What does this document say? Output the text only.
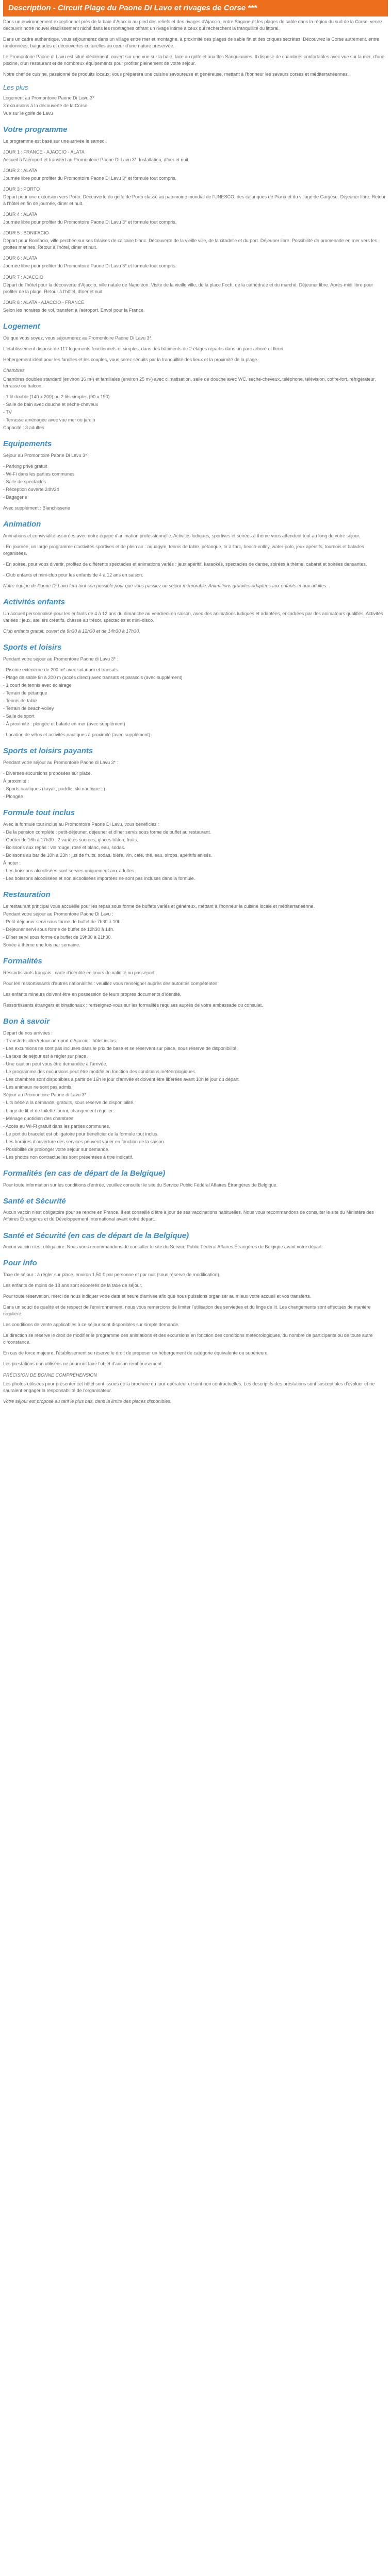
Description - Circuit Plage du Paone DI Lavo et rivages de Corse ***

Dans un environnement exceptionnel près de la baie d'Ajaccio au pied des reliefs et des rivages d'Ajaccio, entre Sagone et les plages de sable dans la région du sud de la Corse, venez découvrir notre nouvel établissement niché dans les montagnes offrant un rivage intime à ceux qui recherchent la tranquillité du littoral.

Dans un cadre authentique, vous séjournerez dans un village entre mer et montagne, à proximité des plages de sable fin et des criques secrètes. Découvrez la Corse autrement, entre randonnées, baignades et découvertes culturelles au cœur d'une nature préservée.

Le Promontoire Paone di Lavu est situé idéalement, ouvert sur une vue sur la baie, face au golfe et aux îles Sanguinaires. Il dispose de chambres confortables avec vue sur la mer, d'une piscine, d'un restaurant et de nombreux équipements pour profiter pleinement de votre séjour.

Notre chef de cuisine, passionné de produits locaux, vous préparera une cuisine savoureuse et généreuse, mettant à l'honneur les saveurs corses et méditerranéennes.

Les plus
Logement au Promontoire Paone Di Lavu 3*
3 excursions à la découverte de la Corse
Vue sur le golfe de Lavu
Votre programme

Le programme est basé sur une arrivée le samedi.

JOUR 1 : FRANCE - AJACCIO - ALATA

Accueil à l'aéroport et transfert au Promontoire Paone Di Lavu 3*. Installation, dîner et nuit.

JOUR 2 : ALATA

Journée libre pour profiter du Promontoire Paone Di Lavu 3* et formule tout compris.

JOUR 3 : PORTO

Départ pour une excursion vers Porto. Découverte du golfe de Porto classé au patrimoine mondial de l'UNESCO, des calanques de Piana et du village de Cargèse. Déjeuner libre. Retour à l'hôtel en fin de journée, dîner et nuit.

JOUR 4 : ALATA

Journée libre pour profiter du Promontoire Paone Di Lavu 3* et formule tout compris.

JOUR 5 : BONIFACIO

Départ pour Bonifacio, ville perchée sur ses falaises de calcaire blanc. Découverte de la vieille ville, de la citadelle et du port. Déjeuner libre. Possibilité de promenade en mer vers les grottes marines. Retour à l'hôtel, dîner et nuit.

JOUR 6 : ALATA

Journée libre pour profiter du Promontoire Paone Di Lavu 3* et formule tout compris.

JOUR 7 : AJACCIO

Départ de l'hôtel pour la découverte d'Ajaccio, ville natale de Napoléon. Visite de la vieille ville, de la place Foch, de la cathédrale et du marché. Déjeuner libre. Après-midi libre pour profiter de la plage. Retour à l'hôtel, dîner et nuit.

JOUR 8 : ALATA - AJACCIO - FRANCE

Selon les horaires de vol, transfert à l'aéroport. Envol pour la France.

Logement

Où que vous soyez, vous séjournerez au Promontoire Paone Di Lavu 3*.

L'établissement dispose de 117 logements fonctionnels et simples, dans des bâtiments de 2 étages répartis dans un parc arboré et fleuri.

Hébergement idéal pour les familles et les couples, vous serez séduits par la tranquillité des lieux et la proximité de la plage.

Chambres

Chambres doubles standard (environ 16 m²) et familiales (environ 25 m²) avec climatisation, salle de douche avec WC, sèche-cheveux, téléphone, télévision, coffre-fort, réfrigérateur, terrasse ou balcon.

- 1 lit double (140 x 200) ou 2 lits simples (90 x 190)
- Salle de bain avec douche et sèche-cheveux
- TV
- Terrasse aménagée avec vue mer ou jardin
Capacité : 3 adultes
Equipements

Séjour au Promontoire Paone Di Lavu 3* :

- Parking privé gratuit
- Wi-Fi dans les parties communes
- Salle de spectacles
- Réception ouverte 24h/24
- Bagagerie

Avec supplément : Blanchisserie

Animation

Animations et convivialité assurées avec notre équipe d'animation professionnelle. Activités ludiques, sportives et soirées à thème vous attendent tout au long de votre séjour.

- En journée, un large programme d'activités sportives et de plein air : aquagym, tennis de table, pétanque, tir à l'arc, beach-volley, water-polo, jeux apéritifs, tournois et balades organisées.

- En soirée, pour vous divertir, profitez de différents spectacles et animations variés : jeux apéritif, karaokés, spectacles de danse, soirées à thème, cabaret et soirées dansantes.

- Club enfants et mini-club pour les enfants de 4 à 12 ans en saison.

Notre équipe de Paone Di Lavu fera tout son possible pour que vous passiez un séjour mémorable. Animations gratuites adaptées aux enfants et aux adultes.

Activités enfants

Un accueil personnalisé pour les enfants de 4 à 12 ans du dimanche au vendredi en saison, avec des animations ludiques et adaptées, encadrées par des animateurs qualifiés. Activités variées : jeux, ateliers créatifs, chasse au trésor, spectacles et mini-disco.

Club enfants gratuit, ouvert de 9h30 à 12h30 et de 14h30 à 17h30.

Sports et loisirs

Pendant votre séjour au Promontoire Paone di Lavu 3* :

- Piscine extérieure de 200 m² avec solarium et transats
- Plage de sable fin à 200 m (accès direct) avec transats et parasols (avec supplément)
- 1 court de tennis avec éclairage
- Terrain de pétanque
- Tennis de table
- Terrain de beach-volley
- Salle de sport
- À proximité : plongée et balade en mer (avec supplément)

- Location de vélos et activités nautiques à proximité (avec supplément).

Sports et loisirs payants

Pendant votre séjour au Promontoire Paone di Lavu 3* :

- Diverses excursions proposées sur place.
À proximité :
- Sports nautiques (kayak, paddle, ski nautique...)
- Plongée
Formule tout inclus
Avec la formule tout inclus au Promontoire Paone Di Lavu, vous bénéficiez :
- De la pension complète : petit-déjeuner, déjeuner et dîner servis sous forme de buffet au restaurant.
- Goûter de 16h à 17h30 : 2 variétés sucrées, glaces bâton, fruits.
- Boissons aux repas : vin rouge, rosé et blanc, eau, sodas.
- Boissons au bar de 10h à 23h : jus de fruits, sodas, bière, vin, café, thé, eau, sirops, apéritifs anisés.
À noter :
- Les boissons alcoolisées sont servies uniquement aux adultes.
- Les boissons alcoolisées et non alcoolisées importées ne sont pas incluses dans la formule.
Restauration
Le restaurant principal vous accueille pour les repas sous forme de buffets variés et généreux, mettant à l'honneur la cuisine locale et méditerranéenne.
Pendant votre séjour au Promontoire Paone Di Lavu :
- Petit-déjeuner servi sous forme de buffet de 7h30 à 10h.
- Déjeuner servi sous forme de buffet de 12h30 à 14h.
- Dîner servi sous forme de buffet de 19h30 à 21h30.
Soirée à thème une fois par semaine.
Formalités

Ressortissants français : carte d'identité en cours de validité ou passeport.

Pour les ressortissants d'autres nationalités : veuillez vous renseigner auprès des autorités compétentes.

Les enfants mineurs doivent être en possession de leurs propres documents d'identité.

Ressortissants étrangers et binationaux : renseignez-vous sur les formalités requises auprès de votre ambassade ou consulat.

Bon à savoir
Départ de nos arrivées :
- Transferts aller/retour aéroport d'Ajaccio - hôtel inclus.
- Les excursions ne sont pas incluses dans le prix de base et se réservent sur place, sous réserve de disponibilité.
- La taxe de séjour est à régler sur place.
- Une caution peut vous être demandée à l'arrivée.
- Le programme des excursions peut être modifié en fonction des conditions météorologiques.
- Les chambres sont disponibles à partir de 16h le jour d'arrivée et doivent être libérées avant 10h le jour du départ.
- Les animaux ne sont pas admis.
Séjour au Promontoire Paone di Lavu 3* :
- Lits bébé à la demande, gratuits, sous réserve de disponibilité.
- Linge de lit et de toilette fourni, changement régulier.
- Ménage quotidien des chambres.
- Accès au Wi-Fi gratuit dans les parties communes.
- Le port du bracelet est obligatoire pour bénéficier de la formule tout inclus.
- Les horaires d'ouverture des services peuvent varier en fonction de la saison.
- Possibilité de prolonger votre séjour sur demande.
- Les photos non contractuelles sont présentées à titre indicatif.
Formalités (en cas de départ de la Belgique)

Pour toute information sur les conditions d'entrée, veuillez consulter le site du Service Public Fédéral Affaires Étrangères de Belgique.

Santé et Sécurité

Aucun vaccin n'est obligatoire pour se rendre en France. Il est conseillé d'être à jour de ses vaccinations habituelles. Nous vous recommandons de consulter le site du Ministère des Affaires Étrangères et du Développement International avant votre départ.

Santé et Sécurité (en cas de départ de la Belgique)

Aucun vaccin n'est obligatoire. Nous vous recommandons de consulter le site du Service Public Fédéral Affaires Étrangères de Belgique avant votre départ.

Pour info

Taxe de séjour : à régler sur place, environ 1,50 € par personne et par nuit (sous réserve de modification).

Les enfants de moins de 18 ans sont exonérés de la taxe de séjour.

Pour toute réservation, merci de nous indiquer votre date et heure d'arrivée afin que nous puissions organiser au mieux votre accueil et vos transferts.

Dans un souci de qualité et de respect de l'environnement, nous vous remercions de limiter l'utilisation des serviettes et du linge de lit. Les changements sont effectués de manière régulière.

Les conditions de vente applicables à ce séjour sont disponibles sur simple demande.

La direction se réserve le droit de modifier le programme des animations et des excursions en fonction des conditions météorologiques, du nombre de participants ou de toute autre circonstance.

En cas de force majeure, l'établissement se réserve le droit de proposer un hébergement de catégorie équivalente ou supérieure.

Les prestations non utilisées ne pourront faire l'objet d'aucun remboursement.

PRÉCISION DE BONNE COMPRÉHENSION

Les photos utilisées pour présenter cet hôtel sont issues de la brochure du tour-opérateur et sont non contractuelles. Les descriptifs des prestations sont susceptibles d'évoluer et ne sauraient engager la responsabilité de l'organisateur.

Votre séjour est proposé au tarif le plus bas, dans la limite des places disponibles.
